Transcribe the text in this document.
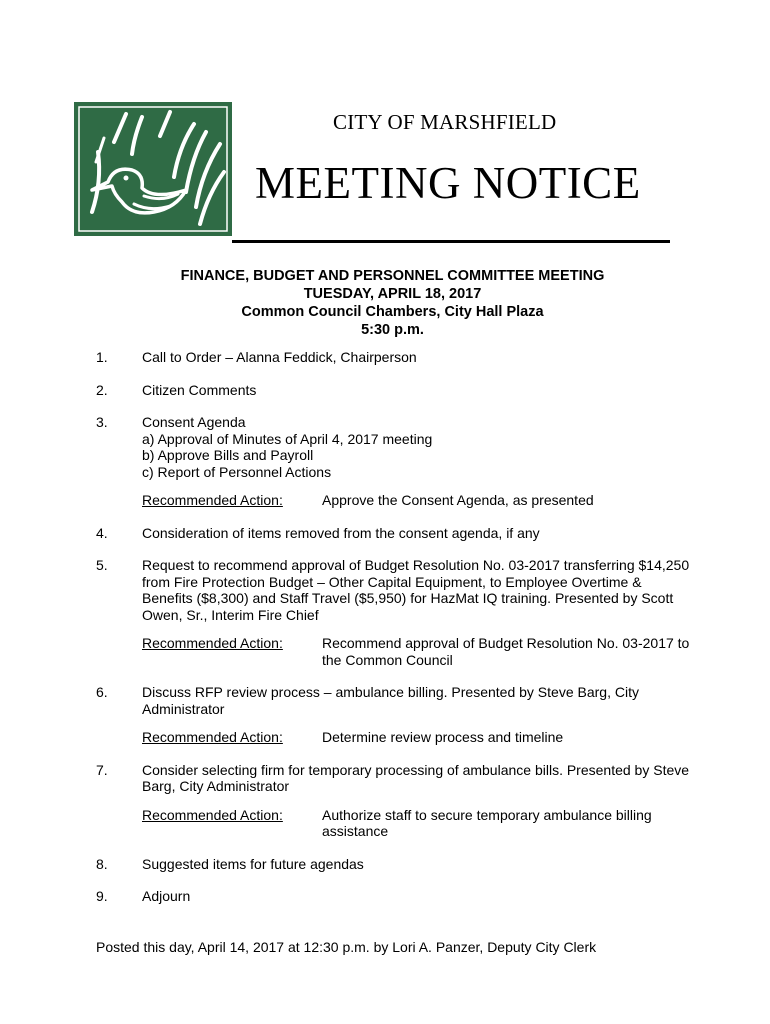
CITY OF MARSHFIELD
MEETING NOTICE
FINANCE, BUDGET AND PERSONNEL COMMITTEE MEETING
TUESDAY, APRIL 18, 2017
Common Council Chambers, City Hall Plaza
5:30 p.m.
1. Call to Order – Alanna Feddick, Chairperson
2. Citizen Comments
3. Consent Agenda
a) Approval of Minutes of April 4, 2017 meeting
b) Approve Bills and Payroll
c) Report of Personnel Actions
Recommended Action:	Approve the Consent Agenda, as presented
4. Consideration of items removed from the consent agenda, if any
5. Request to recommend approval of Budget Resolution No. 03-2017 transferring $14,250 from Fire Protection Budget – Other Capital Equipment, to Employee Overtime & Benefits ($8,300) and Staff Travel ($5,950) for HazMat IQ training. Presented by Scott Owen, Sr., Interim Fire Chief
Recommended Action:	Recommend approval of Budget Resolution No. 03-2017 to the Common Council
6. Discuss RFP review process – ambulance billing. Presented by Steve Barg, City Administrator
Recommended Action:	Determine review process and timeline
7. Consider selecting firm for temporary processing of ambulance bills. Presented by Steve Barg, City Administrator
Recommended Action:	Authorize staff to secure temporary ambulance billing assistance
8. Suggested items for future agendas
9. Adjourn
Posted this day, April 14, 2017 at 12:30 p.m. by Lori A. Panzer, Deputy City Clerk
